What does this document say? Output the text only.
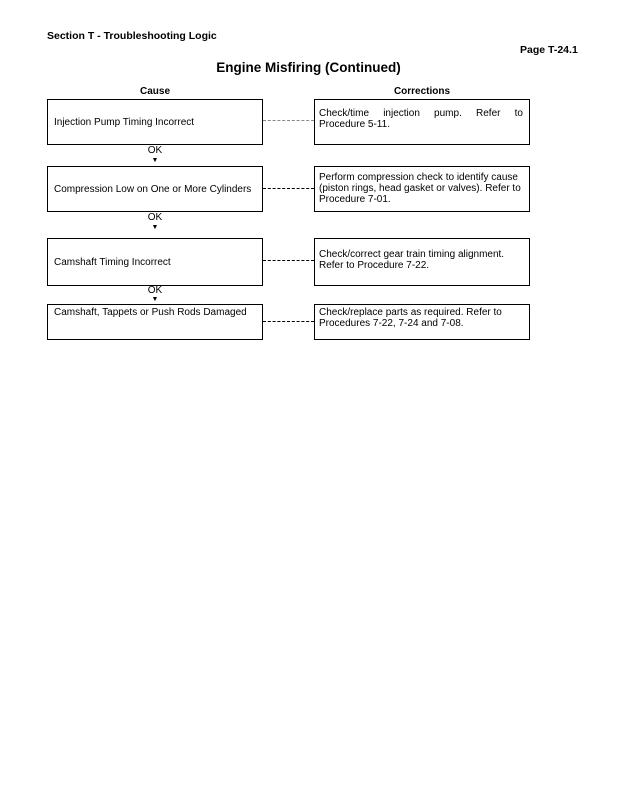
Section T - Troubleshooting Logic
Page T-24.1
Engine Misfiring (Continued)
Cause	Corrections
Injection Pump Timing Incorrect
Check/time injection pump. Refer to
Procedure 5-11.
OK
▼
Compression Low on One or More Cylinders
Perform compression check to identify cause (piston rings, head gasket or valves). Refer to Procedure 7-01.
OK
▼
Camshaft Timing Incorrect
Check/correct gear train timing alignment. Refer to Procedure 7-22.
OK
▼
Camshaft, Tappets or Push Rods Damaged	Check/replace parts as required. Refer to Procedures 7-22, 7-24 and 7-08.
